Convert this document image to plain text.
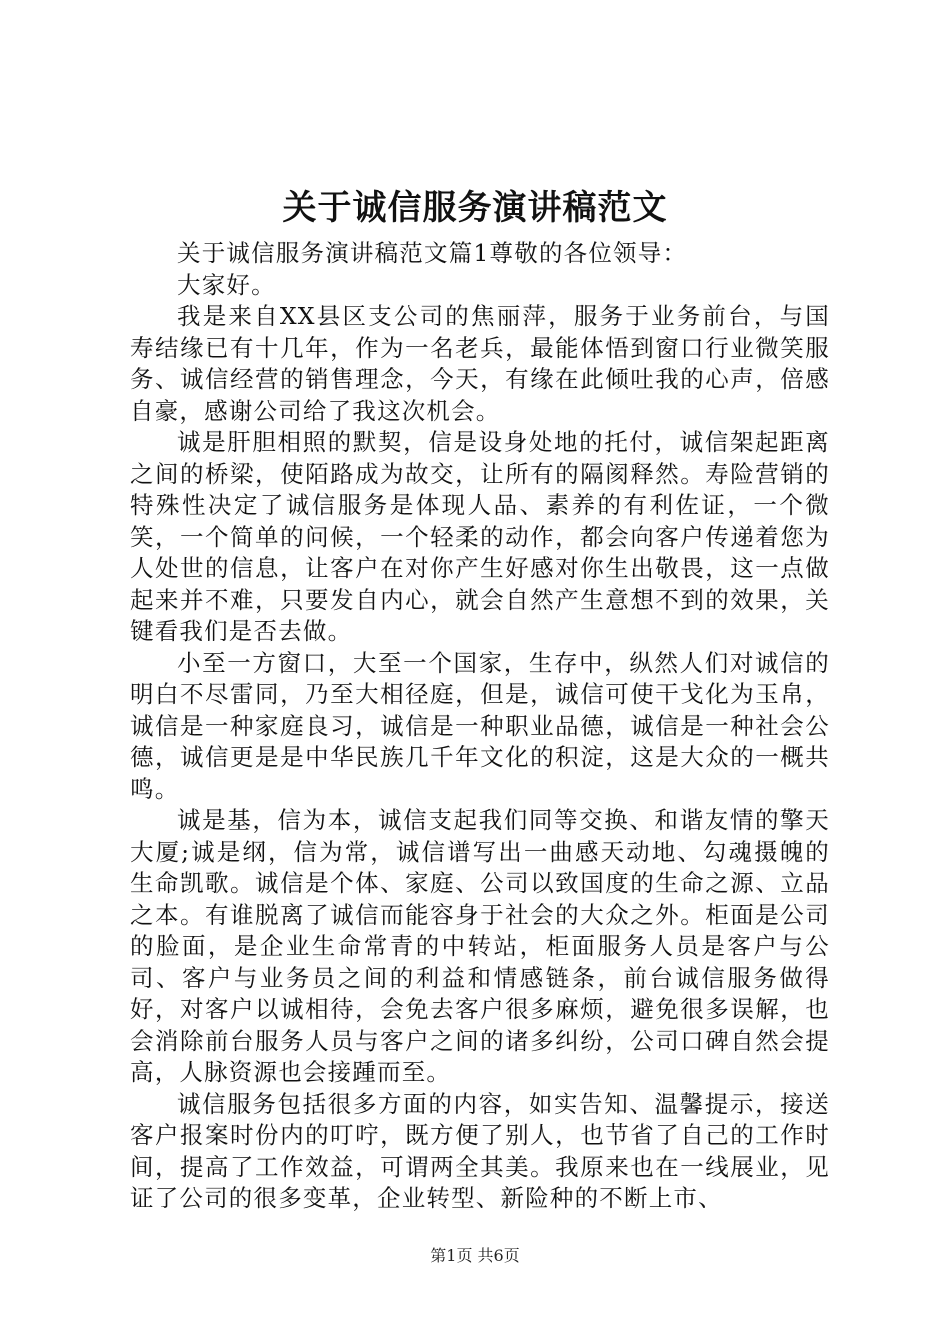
关于诚信服务演讲稿范文

关于诚信服务演讲稿范文篇1尊敬的各位领导：

大家好。

我是来自XX县区支公司的焦丽萍，服务于业务前台，与国寿结缘已有十几年，作为一名老兵，最能体悟到窗口行业微笑服务、诚信经营的销售理念，今天，有缘在此倾吐我的心声，倍感自豪，感谢公司给了我这次机会。

诚是肝胆相照的默契，信是设身处地的托付，诚信架起距离之间的桥梁，使陌路成为故交，让所有的隔阂释然。寿险营销的特殊性决定了诚信服务是体现人品、素养的有利佐证，一个微笑，一个简单的问候，一个轻柔的动作，都会向客户传递着您为人处世的信息，让客户在对你产生好感对你生出敬畏，这一点做起来并不难，只要发自内心，就会自然产生意想不到的效果，关键看我们是否去做。

小至一方窗口，大至一个国家，生存中，纵然人们对诚信的明白不尽雷同，乃至大相径庭，但是，诚信可使干戈化为玉帛，诚信是一种家庭良习，诚信是一种职业品德，诚信是一种社会公德，诚信更是是中华民族几千年文化的积淀，这是大众的一概共鸣。

诚是基，信为本，诚信支起我们同等交换、和谐友情的擎天大厦;诚是纲，信为常，诚信谱写出一曲感天动地、勾魂摄魄的生命凯歌。诚信是个体、家庭、公司以致国度的生命之源、立品之本。有谁脱离了诚信而能容身于社会的大众之外。柜面是公司的脸面，是企业生命常青的中转站，柜面服务人员是客户与公司、客户与业务员之间的利益和情感链条，前台诚信服务做得好，对客户以诚相待，会免去客户很多麻烦，避免很多误解，也会消除前台服务人员与客户之间的诸多纠纷，公司口碑自然会提高，人脉资源也会接踵而至。

诚信服务包括很多方面的内容，如实告知、温馨提示，接送客户报案时份内的叮咛，既方便了别人，也节省了自己的工作时间，提高了工作效益，可谓两全其美。我原来也在一线展业，见证了公司的很多变革，企业转型、新险种的不断上市、

第1页 共6页
